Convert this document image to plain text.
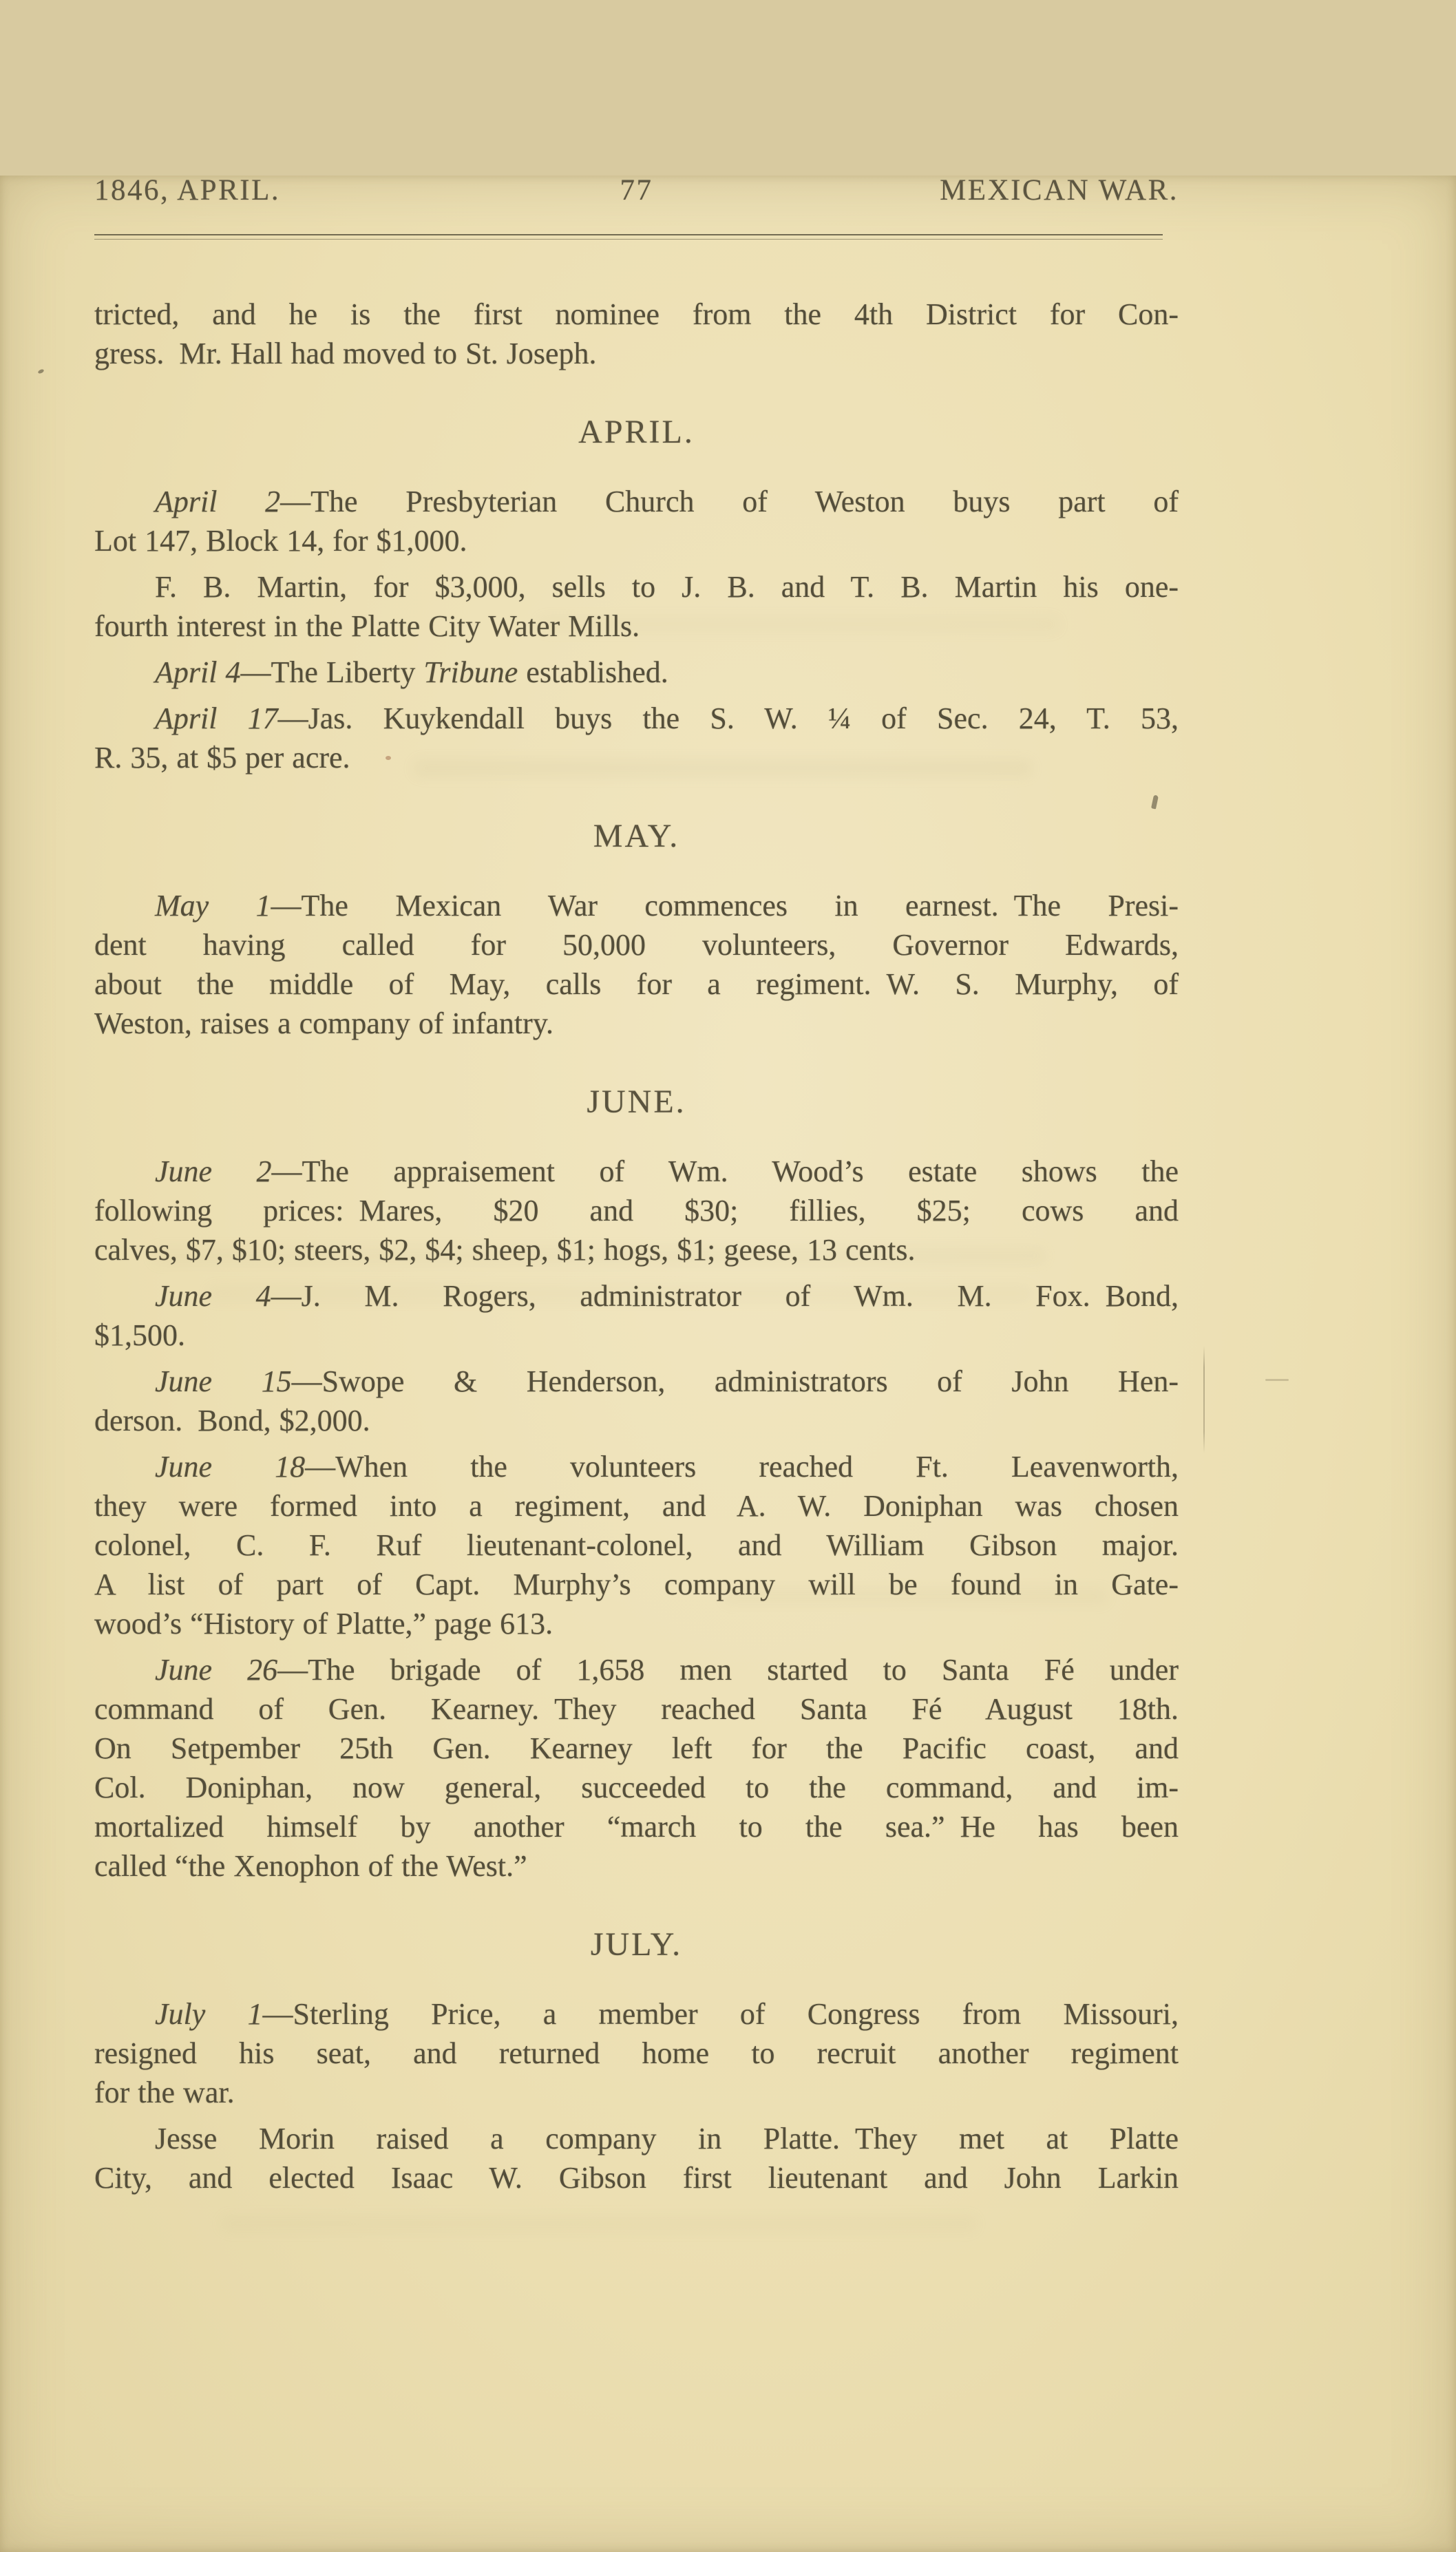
1846, APRIL.	77	MEXICAN WAR.

tricted, and he is the first nominee from the 4th District for Con-
gress. Mr. Hall had moved to St. Joseph.

APRIL.

April 2—The Presbyterian Church of Weston buys part of
Lot 147, Block 14, for $1,000.

F. B. Martin, for $3,000, sells to J. B. and T. B. Martin his one-
fourth interest in the Platte City Water Mills.

April 4—The Liberty Tribune established.

April 17—Jas. Kuykendall buys the S. W. ¼ of Sec. 24, T. 53,
R. 35, at $5 per acre.

MAY.

May 1—The Mexican War commences in earnest. The Presi-
dent having called for 50,000 volunteers, Governor Edwards,
about the middle of May, calls for a regiment. W. S. Murphy, of
Weston, raises a company of infantry.

JUNE.

June 2—The appraisement of Wm. Wood’s estate shows the
following prices: Mares, $20 and $30; fillies, $25; cows and
calves, $7, $10; steers, $2, $4; sheep, $1; hogs, $1; geese, 13 cents.

June 4—J. M. Rogers, administrator of Wm. M. Fox. Bond,
$1,500.

June 15—Swope & Henderson, administrators of John Hen-
derson. Bond, $2,000.

June 18—When the volunteers reached Ft. Leavenworth,
they were formed into a regiment, and A. W. Doniphan was chosen
colonel, C. F. Ruf lieutenant-colonel, and William Gibson major.
A list of part of Capt. Murphy’s company will be found in Gate-
wood’s “History of Platte,” page 613.

June 26—The brigade of 1,658 men started to Santa Fé under
command of Gen. Kearney. They reached Santa Fé August 18th.
On Setpember 25th Gen. Kearney left for the Pacific coast, and
Col. Doniphan, now general, succeeded to the command, and im-
mortalized himself by another “march to the sea.” He has been
called “the Xenophon of the West.”

JULY.

July 1—Sterling Price, a member of Congress from Missouri,
resigned his seat, and returned home to recruit another regiment
for the war.

Jesse Morin raised a company in Platte. They met at Platte
City, and elected Isaac W. Gibson first lieutenant and John Larkin
